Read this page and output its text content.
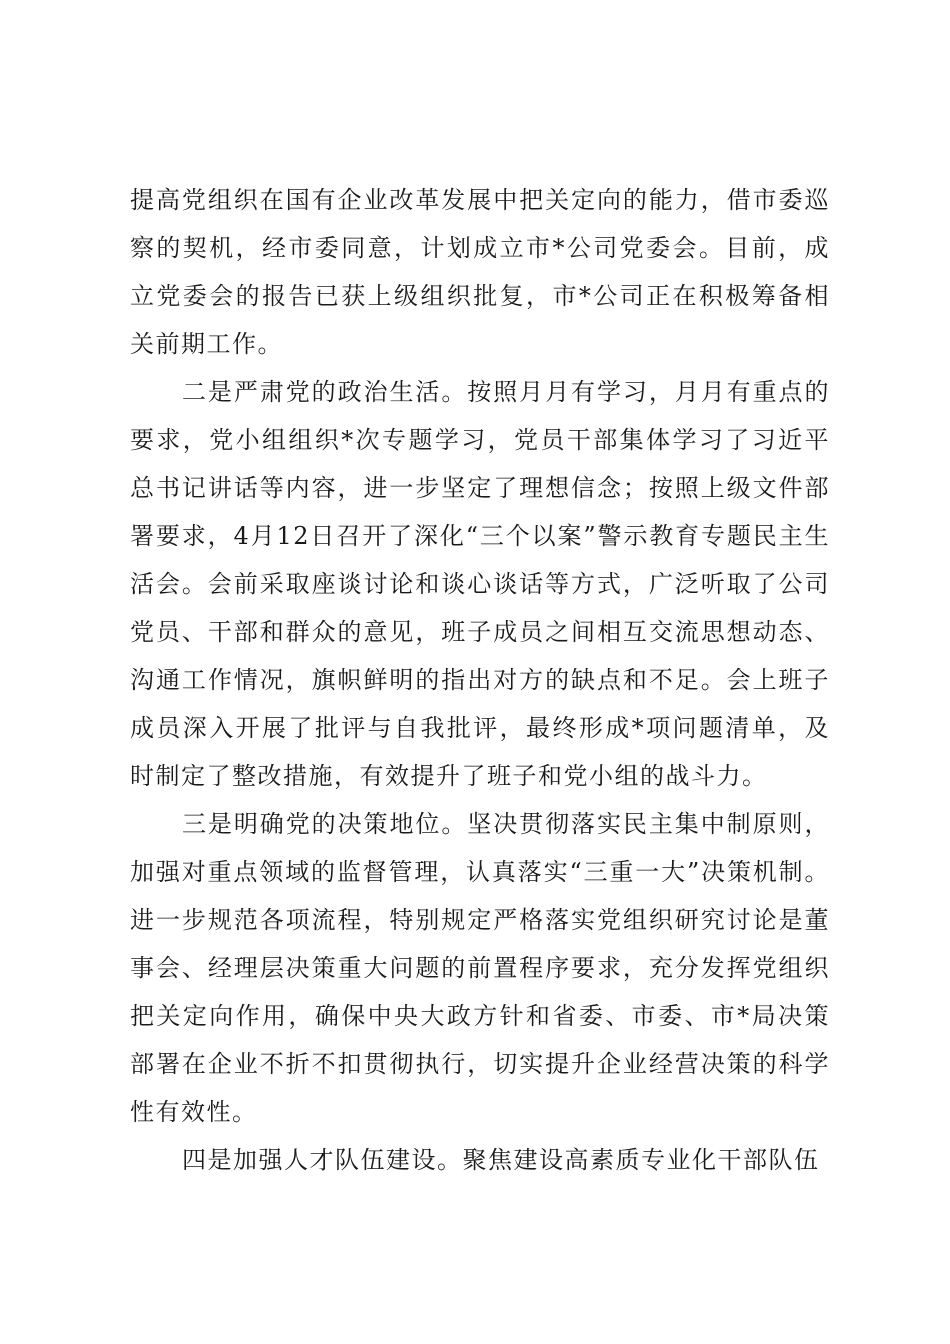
提高党组织在国有企业改革发展中把关定向的能力，借市委巡察的契机，经市委同意，计划成立市*公司党委会。目前，成立党委会的报告已获上级组织批复，市*公司正在积极筹备相关前期工作。

二是严肃党的政治生活。按照月月有学习，月月有重点的要求，党小组组织*次专题学习，党员干部集体学习了习近平总书记讲话等内容，进一步坚定了理想信念；按照上级文件部署要求，4月12日召开了深化“三个以案”警示教育专题民主生活会。会前采取座谈讨论和谈心谈话等方式，广泛听取了公司党员、干部和群众的意见，班子成员之间相互交流思想动态、沟通工作情况，旗帜鲜明的指出对方的缺点和不足。会上班子成员深入开展了批评与自我批评，最终形成*项问题清单，及时制定了整改措施，有效提升了班子和党小组的战斗力。

三是明确党的决策地位。坚决贯彻落实民主集中制原则，加强对重点领域的监督管理，认真落实“三重一大”决策机制。进一步规范各项流程，特别规定严格落实党组织研究讨论是董事会、经理层决策重大问题的前置程序要求，充分发挥党组织把关定向作用，确保中央大政方针和省委、市委、市*局决策部署在企业不折不扣贯彻执行，切实提升企业经营决策的科学性有效性。

四是加强人才队伍建设。聚焦建设高素质专业化干部队伍
